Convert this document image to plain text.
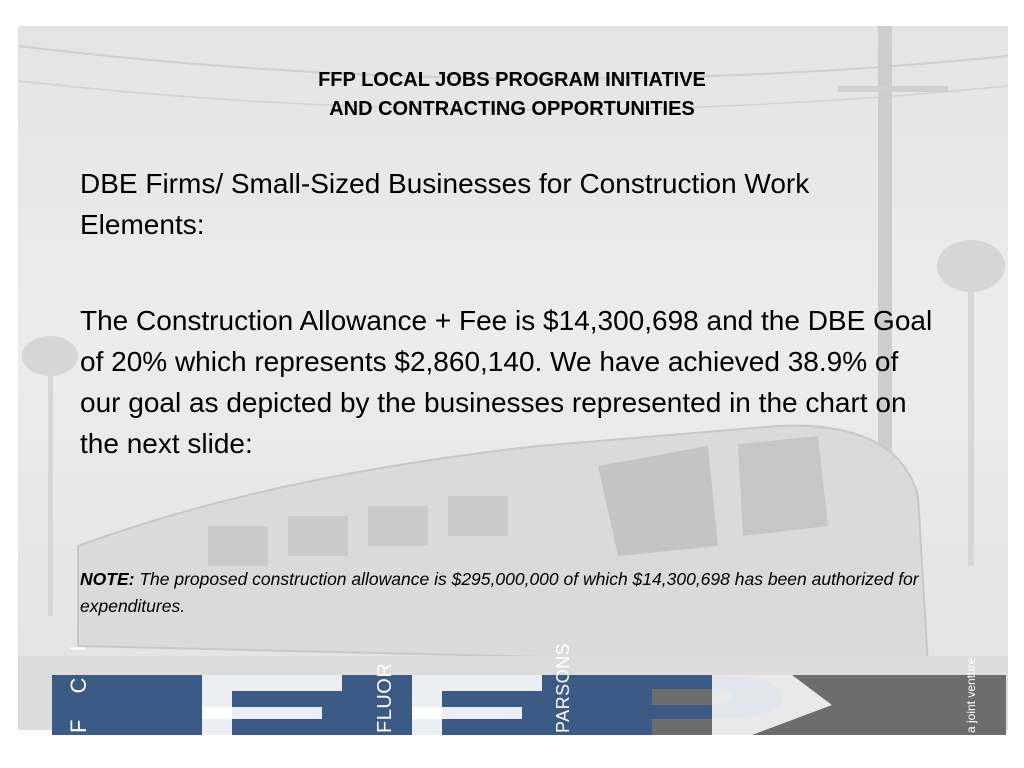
FFP LOCAL JOBS PROGRAM INITIATIVE
AND CONTRACTING OPPORTUNITIES
DBE Firms/ Small-Sized Businesses for Construction Work Elements:
The Construction Allowance + Fee is $14,300,698 and the DBE Goal of 20% which represents $2,860,140. We have achieved 38.9% of our goal as depicted by the businesses represented in the chart on the next slide:
NOTE: The proposed construction allowance is $295,000,000 of which $14,300,698 has been authorized for expenditures.
F C I	FLUOR	PARSONS	a joint venture
